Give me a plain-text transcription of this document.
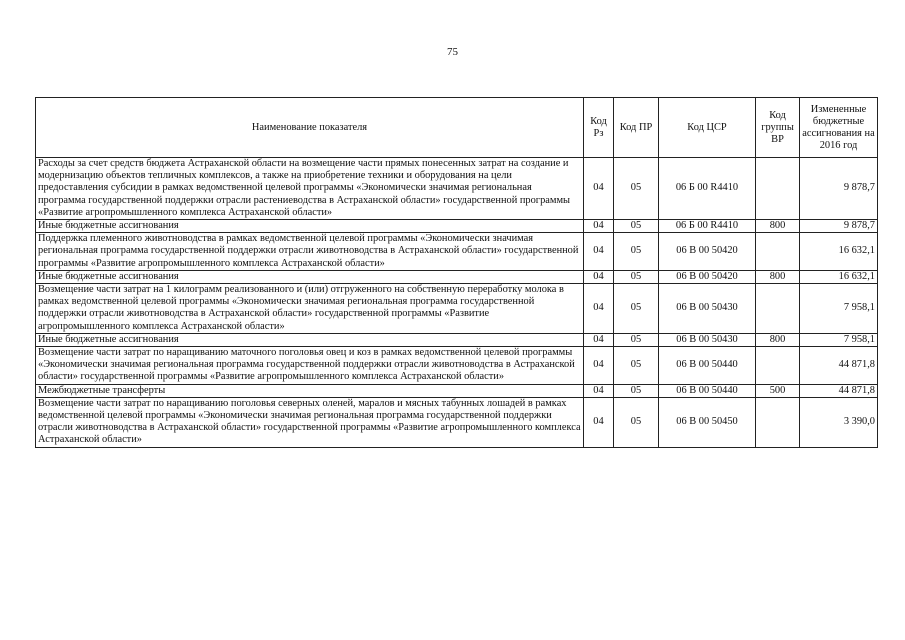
75
Наименование показателя	Код Рз	Код ПР	Код ЦСР	Код группы ВР	Измененные бюджетные ассигнования на 2016 год
Расходы за счет средств бюджета Астраханской области на возмещение части прямых понесенных затрат на создание и модернизацию объектов тепличных комплексов, а также на приобретение техники и оборудования на цели предоставления субсидии в рамках ведомственной целевой программы «Экономически значимая региональная программа государственной поддержки отрасли растениеводства в Астраханской области» государственной программы «Развитие агропромышленного комплекса Астраханской области»	04	05	06 Б 00 R4410		9 878,7
Иные бюджетные ассигнования	04	05	06 Б 00 R4410	800	9 878,7
Поддержка племенного животноводства в рамках ведомственной целевой программы «Экономически значимая региональная программа государственной поддержки отрасли животноводства в Астраханской области» государственной программы «Развитие агропромышленного комплекса Астраханской области»	04	05	06 В 00 50420		16 632,1
Иные бюджетные ассигнования	04	05	06 В 00 50420	800	16 632,1
Возмещение части затрат на 1 килограмм реализованного и (или) отгруженного на собственную переработку молока в рамках ведомственной целевой программы «Экономически значимая региональная программа государственной поддержки отрасли животноводства в Астраханской области» государственной программы «Развитие агропромышленного комплекса Астраханской области»	04	05	06 В 00 50430		7 958,1
Иные бюджетные ассигнования	04	05	06 В 00 50430	800	7 958,1
Возмещение части затрат по наращиванию маточного поголовья овец и коз в рамках ведомственной целевой программы «Экономически значимая региональная программа государственной поддержки отрасли животноводства в Астраханской области» государственной программы «Развитие агропромышленного комплекса Астраханской области»	04	05	06 В 00 50440		44 871,8
Межбюджетные трансферты	04	05	06 В 00 50440	500	44 871,8
Возмещение части затрат по наращиванию поголовья северных оленей, маралов и мясных табунных лошадей в рамках ведомственной целевой программы «Экономически значимая региональная программа государственной поддержки отрасли животноводства в Астраханской области» государственной программы «Развитие агропромышленного комплекса Астраханской области»	04	05	06 В 00 50450		3 390,0
